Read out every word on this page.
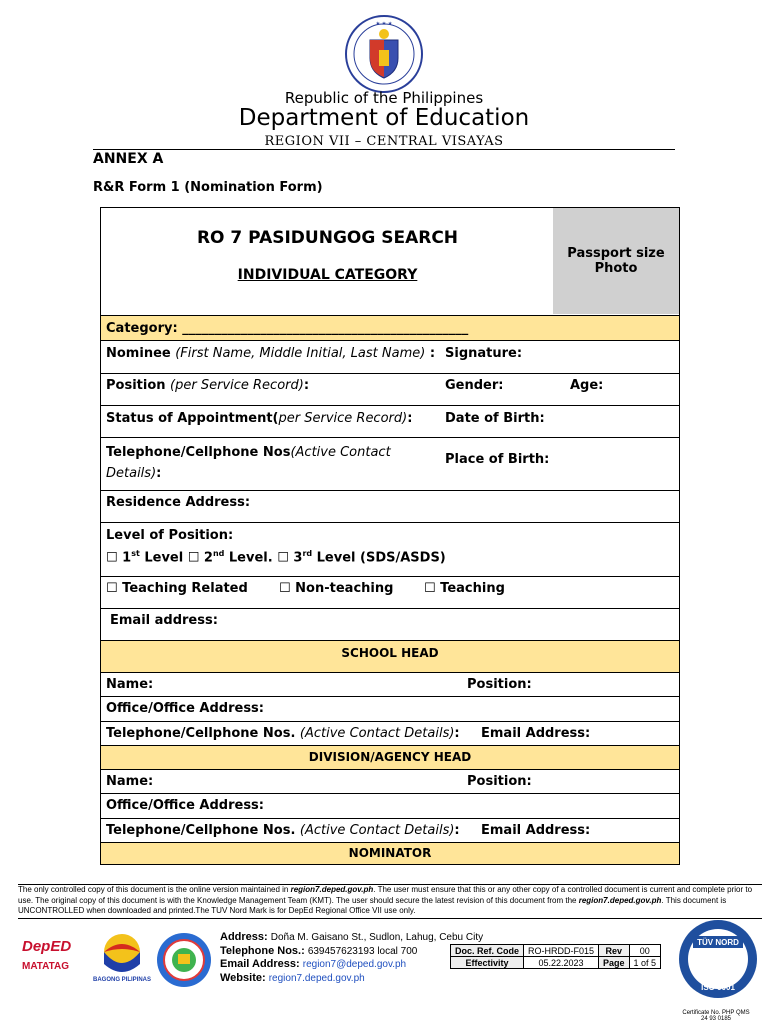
★ ★ ★
Republic of the Philippines
Department of Education
REGION VII – CENTRAL VISAYAS
ANNEX A
R&R Form 1 (Nomination Form)
RO 7 PASIDUNGOG SEARCH
INDIVIDUAL CATEGORY
Passport size
Photo
Category: ____________________________________________
Nominee (First Name, Middle Initial, Last Name) : Signature:
Position (per Service Record):	Gender:	Age:
Status of Appointment(per Service Record):	Date of Birth:
Telephone/Cellphone Nos(Active Contact
Details):
Place of Birth:
Residence Address:
Level of Position:
☐ 1st Level ☐ 2nd Level. ☐ 3rd Level (SDS/ASDS)
☐ Teaching Related ☐ Non-teaching ☐ Teaching
Email address:
SCHOOL HEAD
Name:	Position:
Office/Office Address:
Telephone/Cellphone Nos. (Active Contact Details): Email Address:
DIVISION/AGENCY HEAD
Name:	Position:
Office/Office Address:
Telephone/Cellphone Nos. (Active Contact Details): Email Address:
NOMINATOR
The only controlled copy of this document is the online version maintained in region7.deped.gov.ph. The user must ensure that this or any other copy of a controlled document is current and complete prior to use. The original copy of this document is with the Knowledge Management Team (KMT). The user should secure the latest revision of this document from the region7.deped.gov.ph. This document is UNCONTROLLED when downloaded and printed.The TUV Nord Mark is for DepEd Regional Office VII use only.
DepED
MATATAG
BAGONG PILIPINAS
Address: Doña M. Gaisano St., Sudlon, Lahug, Cebu City
Telephone Nos.: 639457623193 local 700
Email Address: region7@deped.gov.ph
Website: region7.deped.gov.ph
Doc. Ref. Code	RO-HRDD-F015	Rev	00
Effectivity	05.22.2023	Page	1 of 5
TÜV NORD
ISO 9001
Certificate No. PHP QMS
24 93 0185
